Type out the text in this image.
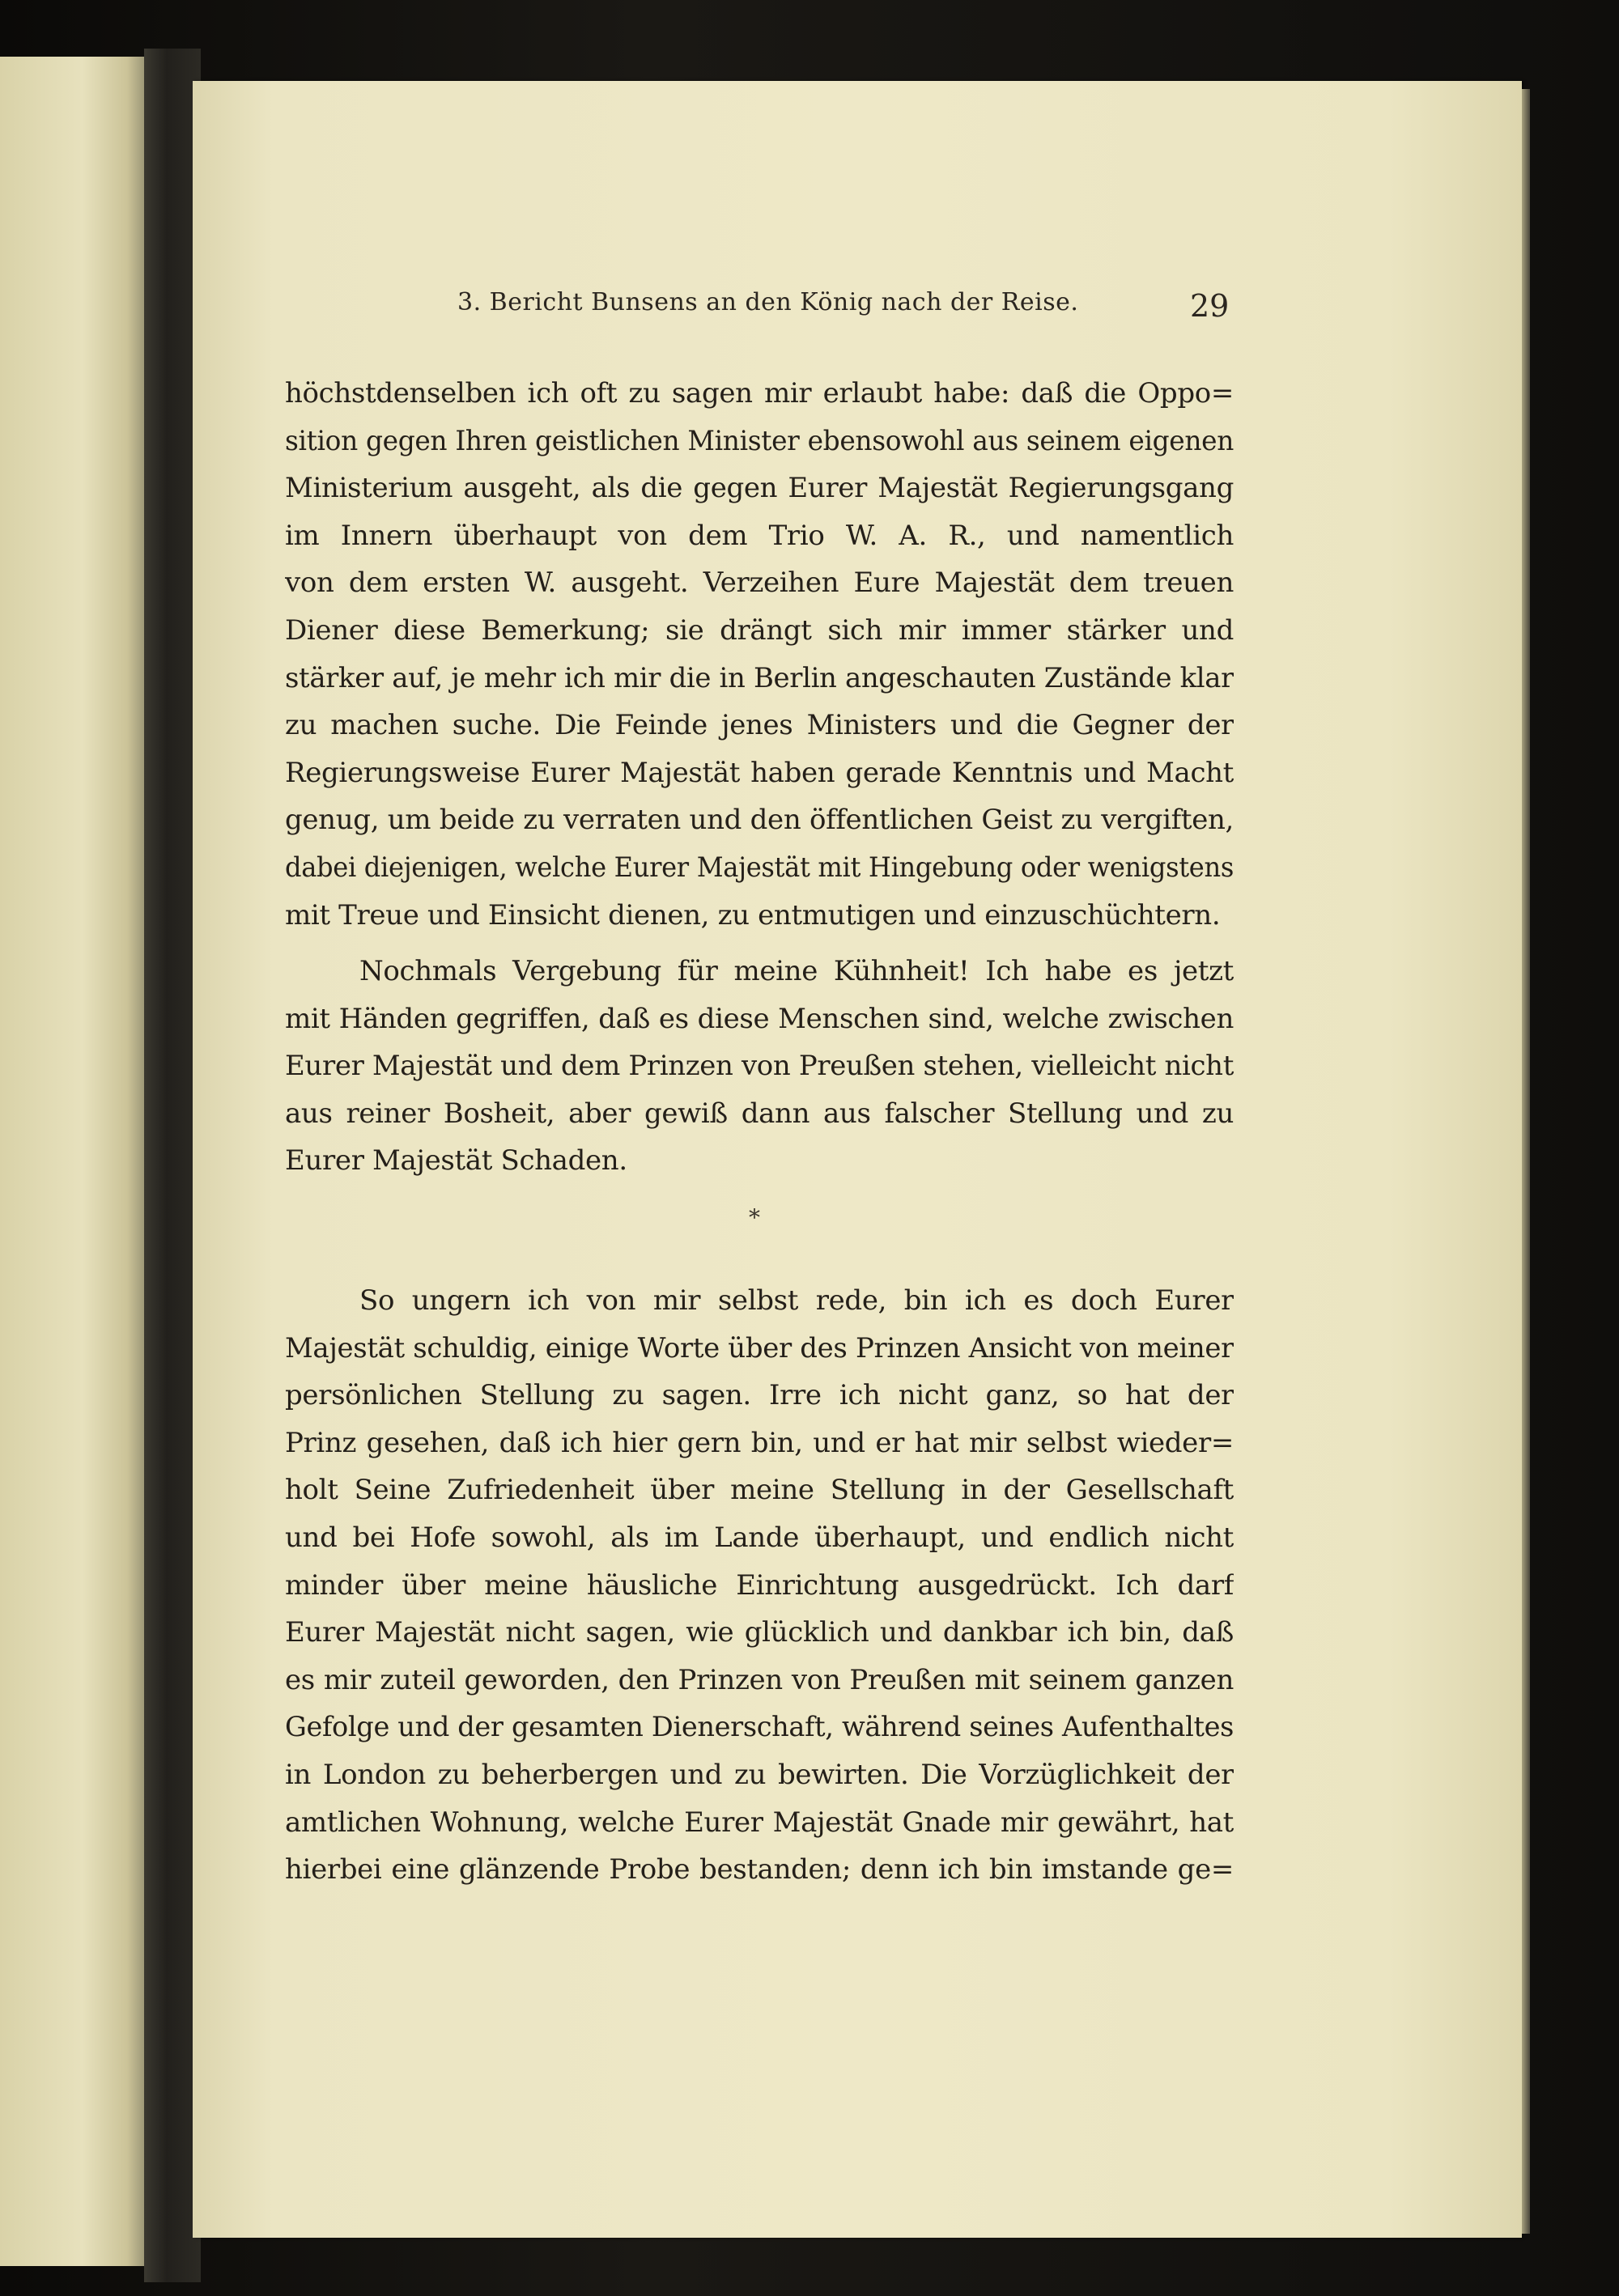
3. Bericht Bunsens an den König nach der Reise.	29
höchstdenselben ich oft zu sagen mir erlaubt habe: daß die Oppo=
sition gegen Ihren geistlichen Minister ebensowohl aus seinem eigenen
Ministerium ausgeht, als die gegen Eurer Majestät Regierungsgang
im Innern überhaupt von dem Trio W. A. R., und namentlich
von dem ersten W. ausgeht. Verzeihen Eure Majestät dem treuen
Diener diese Bemerkung; sie drängt sich mir immer stärker und
stärker auf, je mehr ich mir die in Berlin angeschauten Zustände klar
zu machen suche. Die Feinde jenes Ministers und die Gegner der
Regierungsweise Eurer Majestät haben gerade Kenntnis und Macht
genug, um beide zu verraten und den öffentlichen Geist zu vergiften,
dabei diejenigen, welche Eurer Majestät mit Hingebung oder wenigstens
mit Treue und Einsicht dienen, zu entmutigen und einzuschüchtern.
Nochmals Vergebung für meine Kühnheit! Ich habe es jetzt
mit Händen gegriffen, daß es diese Menschen sind, welche zwischen
Eurer Majestät und dem Prinzen von Preußen stehen, vielleicht nicht
aus reiner Bosheit, aber gewiß dann aus falscher Stellung und zu
Eurer Majestät Schaden.
*
So ungern ich von mir selbst rede, bin ich es doch Eurer
Majestät schuldig, einige Worte über des Prinzen Ansicht von meiner
persönlichen Stellung zu sagen. Irre ich nicht ganz, so hat der
Prinz gesehen, daß ich hier gern bin, und er hat mir selbst wieder=
holt Seine Zufriedenheit über meine Stellung in der Gesellschaft
und bei Hofe sowohl, als im Lande überhaupt, und endlich nicht
minder über meine häusliche Einrichtung ausgedrückt. Ich darf
Eurer Majestät nicht sagen, wie glücklich und dankbar ich bin, daß
es mir zuteil geworden, den Prinzen von Preußen mit seinem ganzen
Gefolge und der gesamten Dienerschaft, während seines Aufenthaltes
in London zu beherbergen und zu bewirten. Die Vorzüglichkeit der
amtlichen Wohnung, welche Eurer Majestät Gnade mir gewährt, hat
hierbei eine glänzende Probe bestanden; denn ich bin imstande ge=
